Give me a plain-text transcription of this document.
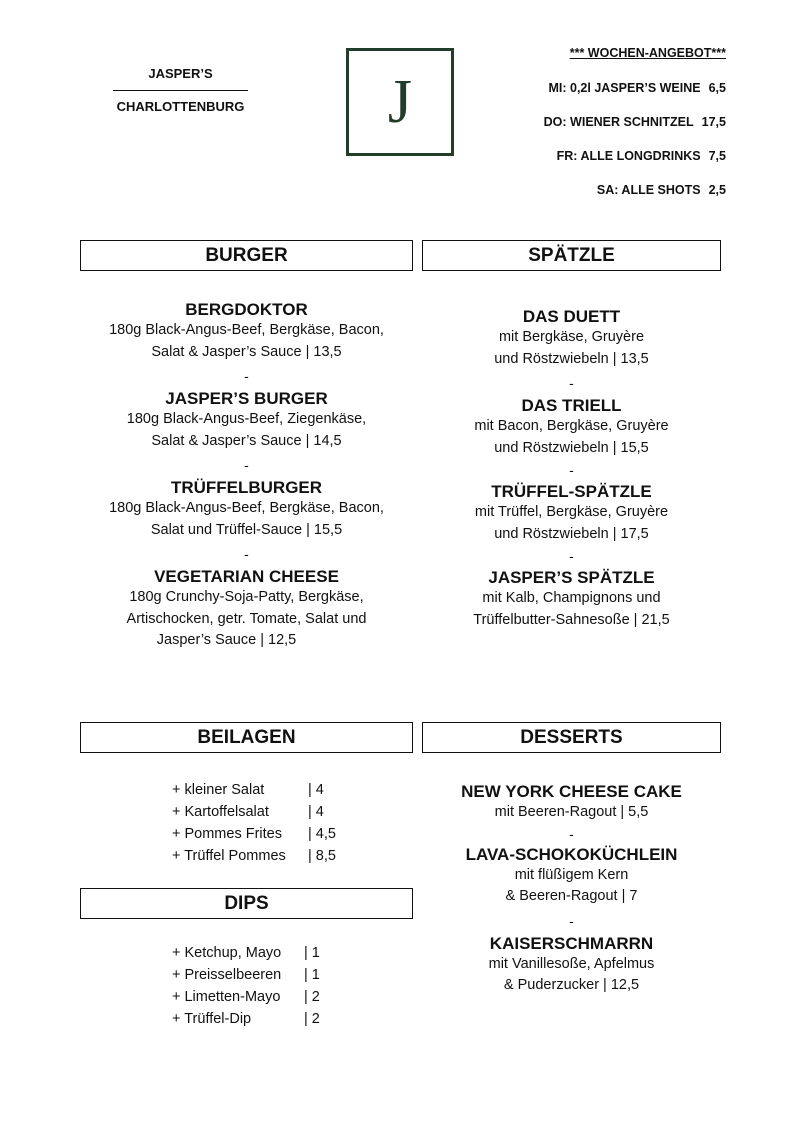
JASPER’S
CHARLOTTENBURG J
*** WOCHEN-ANGEBOT***
MI: 0,2l JASPER’S WEINE 6,5
DO: WIENER SCHNITZEL 17,5
FR: ALLE LONGDRINKS 7,5
SA: ALLE SHOTS 2,5
BURGER	SPÄTZLE

BERGDOKTOR

180g Black-Angus-Beef, Bergkäse, Bacon,

Salat & Jasper’s Sauce | 13,5

-

JASPER’S BURGER

180g Black-Angus-Beef, Ziegenkäse,

Salat & Jasper’s Sauce | 14,5

-

TRÜFFELBURGER

180g Black-Angus-Beef, Bergkäse, Bacon,

Salat und Trüffel-Sauce | 15,5

-

VEGETARIAN CHEESE

180g Crunchy-Soja-Patty, Bergkäse,

Artischocken, getr. Tomate, Salat und

Jasper’s Sauce | 12,5

DAS DUETT

mit Bergkäse, Gruyère

und Röstzwiebeln | 13,5

-

DAS TRIELL

mit Bacon, Bergkäse, Gruyère

und Röstzwiebeln | 15,5

-

TRÜFFEL-SPÄTZLE

mit Trüffel, Bergkäse, Gruyère

und Röstzwiebeln | 17,5

-

JASPER’S SPÄTZLE

mit Kalb, Champignons und

Trüffelbutter-Sahnesoße | 21,5

BEILAGEN
+ kleiner Salat	| 4
+ Kartoffelsalat	| 4
+ Pommes Frites	| 4,5
+ Trüffel Pommes	| 8,5
DIPS
+ Ketchup, Mayo	| 1
+ Preisselbeeren	| 1
+ Limetten-Mayo	| 2
+ Trüffel-Dip	| 2
DESSERTS

NEW YORK CHEESE CAKE

mit Beeren-Ragout | 5,5

-

LAVA-SCHOKOKÜCHLEIN

mit flüßigem Kern

& Beeren-Ragout | 7

-

KAISERSCHMARRN

mit Vanillesoße, Apfelmus

& Puderzucker | 12,5
